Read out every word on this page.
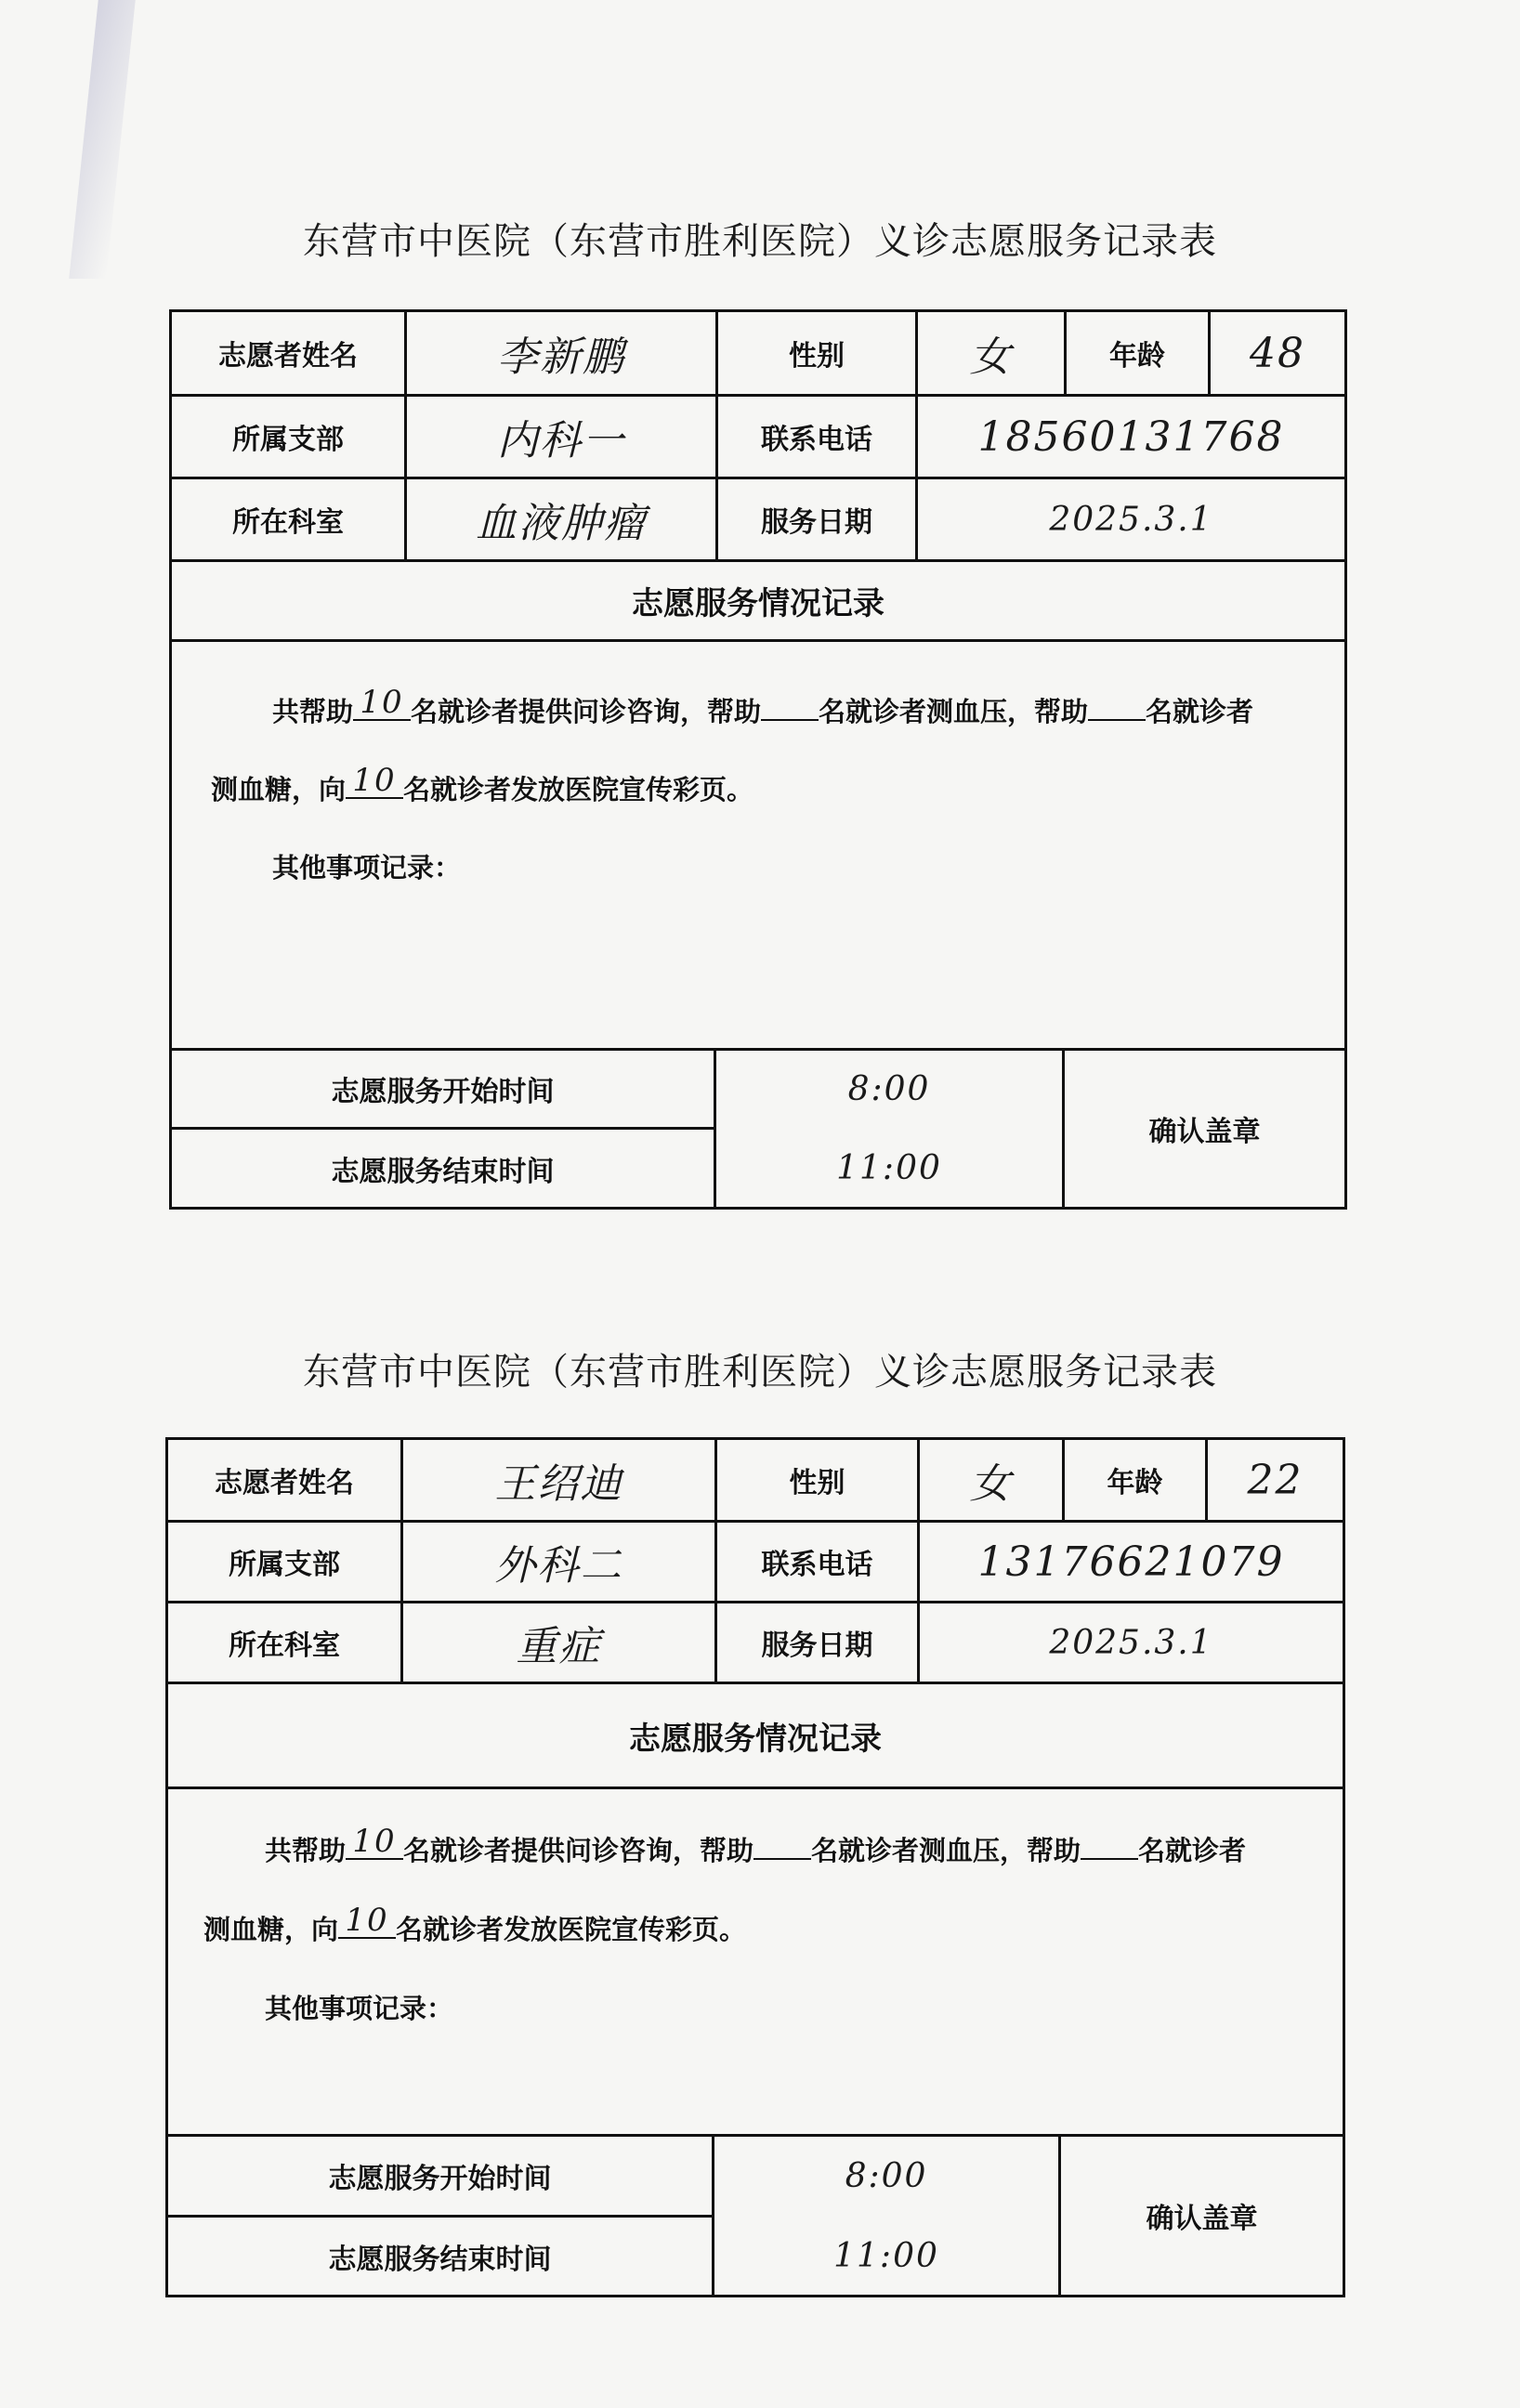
东营市中医院（东营市胜利医院）义诊志愿服务记录表
志愿者姓名	李新鹏	性别	女	年龄	48
所属支部	内科一	联系电话	18560131768
所在科室	血液肿瘤	服务日期	2025.3.1
志愿服务情况记录
共帮助 10 名就诊者提供问诊咨询，帮助 名就诊者测血压，帮助 名就诊者
测血糖，向 10 名就诊者发放医院宣传彩页。
其他事项记录：
志愿服务开始时间	8:00
志愿服务结束时间	11:00
确认盖章
东营市中医院（东营市胜利医院）义诊志愿服务记录表
志愿者姓名	王绍迪	性别	女	年龄	22
所属支部	外科二	联系电话	13176621079
所在科室	重症	服务日期	2025.3.1
志愿服务情况记录
共帮助 10 名就诊者提供问诊咨询，帮助 名就诊者测血压，帮助 名就诊者
测血糖，向 10 名就诊者发放医院宣传彩页。
其他事项记录：
志愿服务开始时间	8:00
志愿服务结束时间	11:00
确认盖章
